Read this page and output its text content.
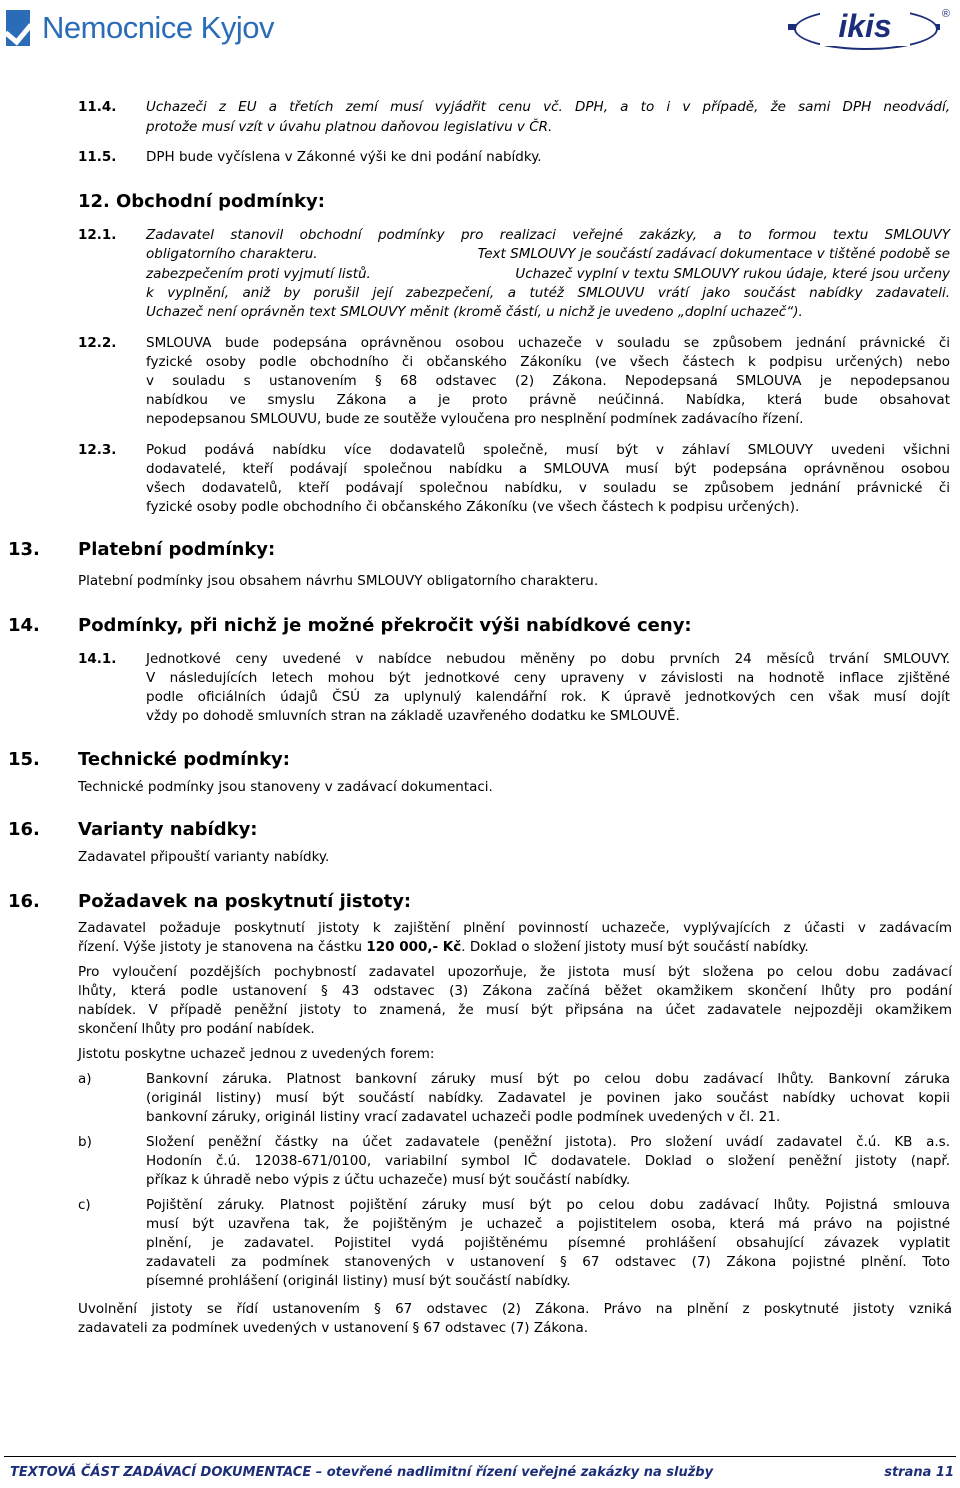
Nemocnice Kyjov	ikis	®
11.4. Uchazeči z EU a třetích zemí musí vyjádřit cenu vč. DPH, a to i v případě, že sami DPH neodvádí,
protože musí vzít v úvahu platnou daňovou legislativu v ČR.
11.5. DPH bude vyčíslena v Zákonné výši ke dni podání nabídky.
12. Obchodní podmínky:
12.1. Zadavatel stanovil obchodní podmínky pro realizaci veřejné zakázky, a to formou textu SMLOUVY
obligatorního charakteru.	Text SMLOUVY je součástí zadávací dokumentace v tištěné podobě se
zabezpečením proti vyjmutí listů.	Uchazeč vyplní v textu SMLOUVY rukou údaje, které jsou určeny
k vyplnění, aniž by porušil její zabezpečení, a tutéž SMLOUVU vrátí jako součást nabídky zadavateli.
Uchazeč není oprávněn text SMLOUVY měnit (kromě částí, u nichž je uvedeno „doplní uchazeč“).
12.2. SMLOUVA bude podepsána oprávněnou osobou uchazeče v souladu se způsobem jednání právnické či
fyzické osoby podle obchodního či občanského Zákoníku (ve všech částech k podpisu určených) nebo
v souladu s ustanovením § 68 odstavec (2) Zákona. Nepodepsaná SMLOUVA je nepodepsanou
nabídkou ve smyslu Zákona a je proto právně neúčinná. Nabídka, která bude obsahovat
nepodepsanou SMLOUVU, bude ze soutěže vyloučena pro nesplnění podmínek zadávacího řízení.
12.3. Pokud podává nabídku více dodavatelů společně, musí být v záhlaví SMLOUVY uvedeni všichni
dodavatelé, kteří podávají společnou nabídku a SMLOUVA musí být podepsána oprávněnou osobou
všech dodavatelů, kteří podávají společnou nabídku, v souladu se způsobem jednání právnické či
fyzické osoby podle obchodního či občanského Zákoníku (ve všech částech k podpisu určených).
13. Platební podmínky:
Platební podmínky jsou obsahem návrhu SMLOUVY obligatorního charakteru.
14. Podmínky, při nichž je možné překročit výši nabídkové ceny:
14.1. Jednotkové ceny uvedené v nabídce nebudou měněny po dobu prvních 24 měsíců trvání SMLOUVY.
V následujících letech mohou být jednotkové ceny upraveny v závislosti na hodnotě inflace zjištěné
podle oficiálních údajů ČSÚ za uplynulý kalendářní rok. K úpravě jednotkových cen však musí dojít
vždy po dohodě smluvních stran na základě uzavřeného dodatku ke SMLOUVĚ.
15. Technické podmínky:
Technické podmínky jsou stanoveny v zadávací dokumentaci.
16. Varianty nabídky:
Zadavatel připouští varianty nabídky.
16. Požadavek na poskytnutí jistoty:
Zadavatel požaduje poskytnutí jistoty k zajištění plnění povinností uchazeče, vyplývajících z účasti v zadávacím
řízení. Výše jistoty je stanovena na částku 120 000,- Kč. Doklad o složení jistoty musí být součástí nabídky.
Pro vyloučení pozdějších pochybností zadavatel upozorňuje, že jistota musí být složena po celou dobu zadávací
lhůty, která podle ustanovení § 43 odstavec (3) Zákona začíná běžet okamžikem skončení lhůty pro podání
nabídek. V případě peněžní jistoty to znamená, že musí být připsána na účet zadavatele nejpozději okamžikem
skončení lhůty pro podání nabídek.
Jistotu poskytne uchazeč jednou z uvedených forem:
a)	Bankovní záruka. Platnost bankovní záruky musí být po celou dobu zadávací lhůty. Bankovní záruka
(originál listiny) musí být součástí nabídky. Zadavatel je povinen jako součást nabídky uchovat kopii
bankovní záruky, originál listiny vrací zadavatel uchazeči podle podmínek uvedených v čl. 21.
b)	Složení peněžní částky na účet zadavatele (peněžní jistota). Pro složení uvádí zadavatel č.ú. KB a.s.
Hodonín č.ú. 12038-671/0100, variabilní symbol IČ dodavatele. Doklad o složení peněžní jistoty (např.
příkaz k úhradě nebo výpis z účtu uchazeče) musí být součástí nabídky.
c)	Pojištění záruky. Platnost pojištění záruky musí být po celou dobu zadávací lhůty. Pojistná smlouva
musí být uzavřena tak, že pojištěným je uchazeč a pojistitelem osoba, která má právo na pojistné
plnění, je zadavatel. Pojistitel vydá pojištěnému písemné prohlášení obsahující závazek vyplatit
zadavateli za podmínek stanovených v ustanovení § 67 odstavec (7) Zákona pojistné plnění. Toto
písemné prohlášení (originál listiny) musí být součástí nabídky.
Uvolnění jistoty se řídí ustanovením § 67 odstavec (2) Zákona. Právo na plnění z poskytnuté jistoty vzniká
zadavateli za podmínek uvedených v ustanovení § 67 odstavec (7) Zákona.
TEXTOVÁ ČÁST ZADÁVACÍ DOKUMENTACE – otevřené nadlimitní řízení veřejné zakázky na služby	strana 11
